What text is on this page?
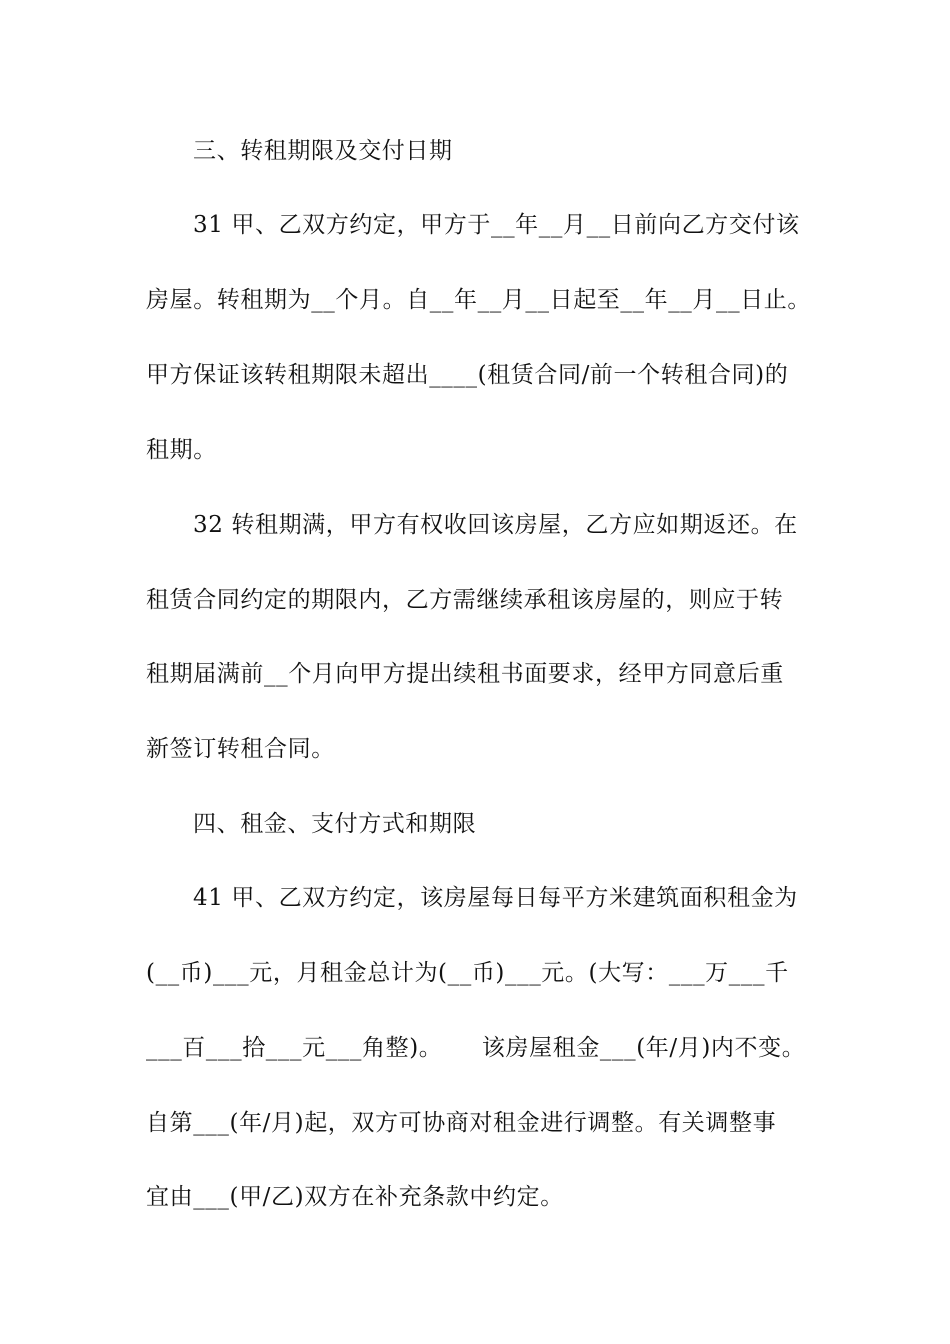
三、转租期限及交付日期
31 甲、乙双方约定，甲方于__年__月__日前向乙方交付该
房屋。转租期为__个月。自__年__月__日起至__年__月__日止。
甲方保证该转租期限未超出____(租赁合同/前一个转租合同)的
租期。
32 转租期满，甲方有权收回该房屋，乙方应如期返还。在
租赁合同约定的期限内，乙方需继续承租该房屋的，则应于转
租期届满前__个月向甲方提出续租书面要求，经甲方同意后重
新签订转租合同。
四、租金、支付方式和期限
41 甲、乙双方约定，该房屋每日每平方米建筑面积租金为
(__币)___元，月租金总计为(__币)___元。(大写：___万___千
___百___拾___元___角整)。     该房屋租金___(年/月)内不变。
自第___(年/月)起，双方可协商对租金进行调整。有关调整事
宜由___(甲/乙)双方在补充条款中约定。
